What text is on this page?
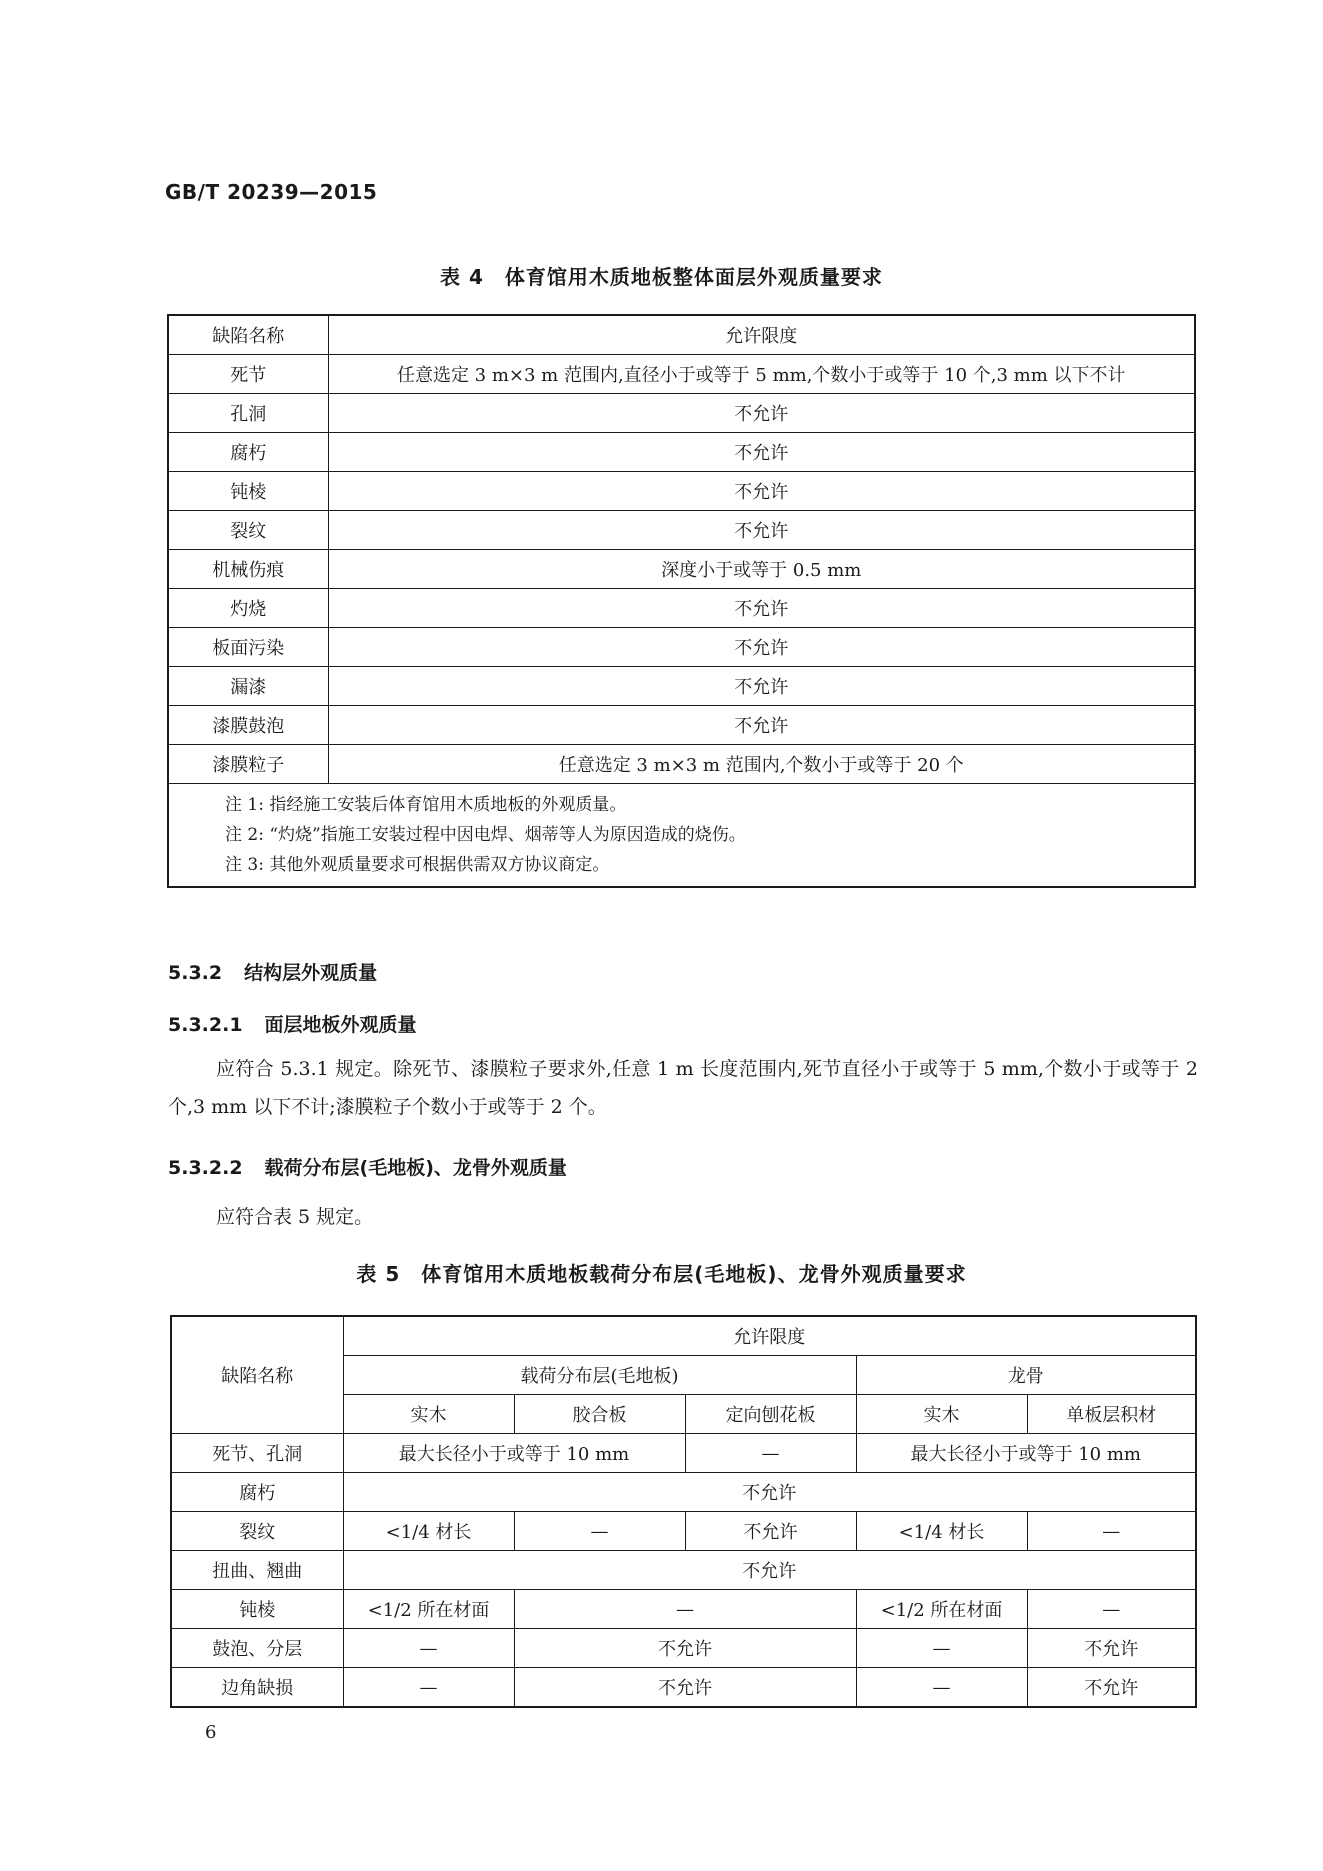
GB/T 20239—2015
表 4　体育馆用木质地板整体面层外观质量要求
缺陷名称	允许限度
死节	任意选定 3 m×3 m 范围内,直径小于或等于 5 mm,个数小于或等于 10 个,3 mm 以下不计
孔洞	不允许
腐朽	不允许
钝棱	不允许
裂纹	不允许
机械伤痕	深度小于或等于 0.5 mm
灼烧	不允许
板面污染	不允许
漏漆	不允许
漆膜鼓泡	不允许
漆膜粒子	任意选定 3 m×3 m 范围内,个数小于或等于 20 个

注 1: 指经施工安装后体育馆用木质地板的外观质量。
注 2: “灼烧”指施工安装过程中因电焊、烟蒂等人为原因造成的烧伤。
注 3: 其他外观质量要求可根据供需双方协议商定。	
5.3.2 结构层外观质量
5.3.2.1 面层地板外观质量
应符合 5.3.1 规定。除死节、漆膜粒子要求外,任意 1 m 长度范围内,死节直径小于或等于 5 mm,个数小于或等于 2 个,3 mm 以下不计;漆膜粒子个数小于或等于 2 个。
5.3.2.2 载荷分布层(毛地板)、龙骨外观质量
应符合表 5 规定。
表 5　体育馆用木质地板载荷分布层(毛地板)、龙骨外观质量要求
缺陷名称	允许限度				
	载荷分布层(毛地板)			龙骨	
	实木	胶合板	定向刨花板	实木	单板层积材
死节、孔洞	最大长径小于或等于 10 mm		—	最大长径小于或等于 10 mm	
腐朽	不允许				
裂纹	<1/4 材长	—	不允许	<1/4 材长	—
扭曲、翘曲	不允许				
钝棱	<1/2 所在材面	—		<1/2 所在材面	—
鼓泡、分层	—	不允许		—	不允许
边角缺损	—	不允许		—	不允许
6
